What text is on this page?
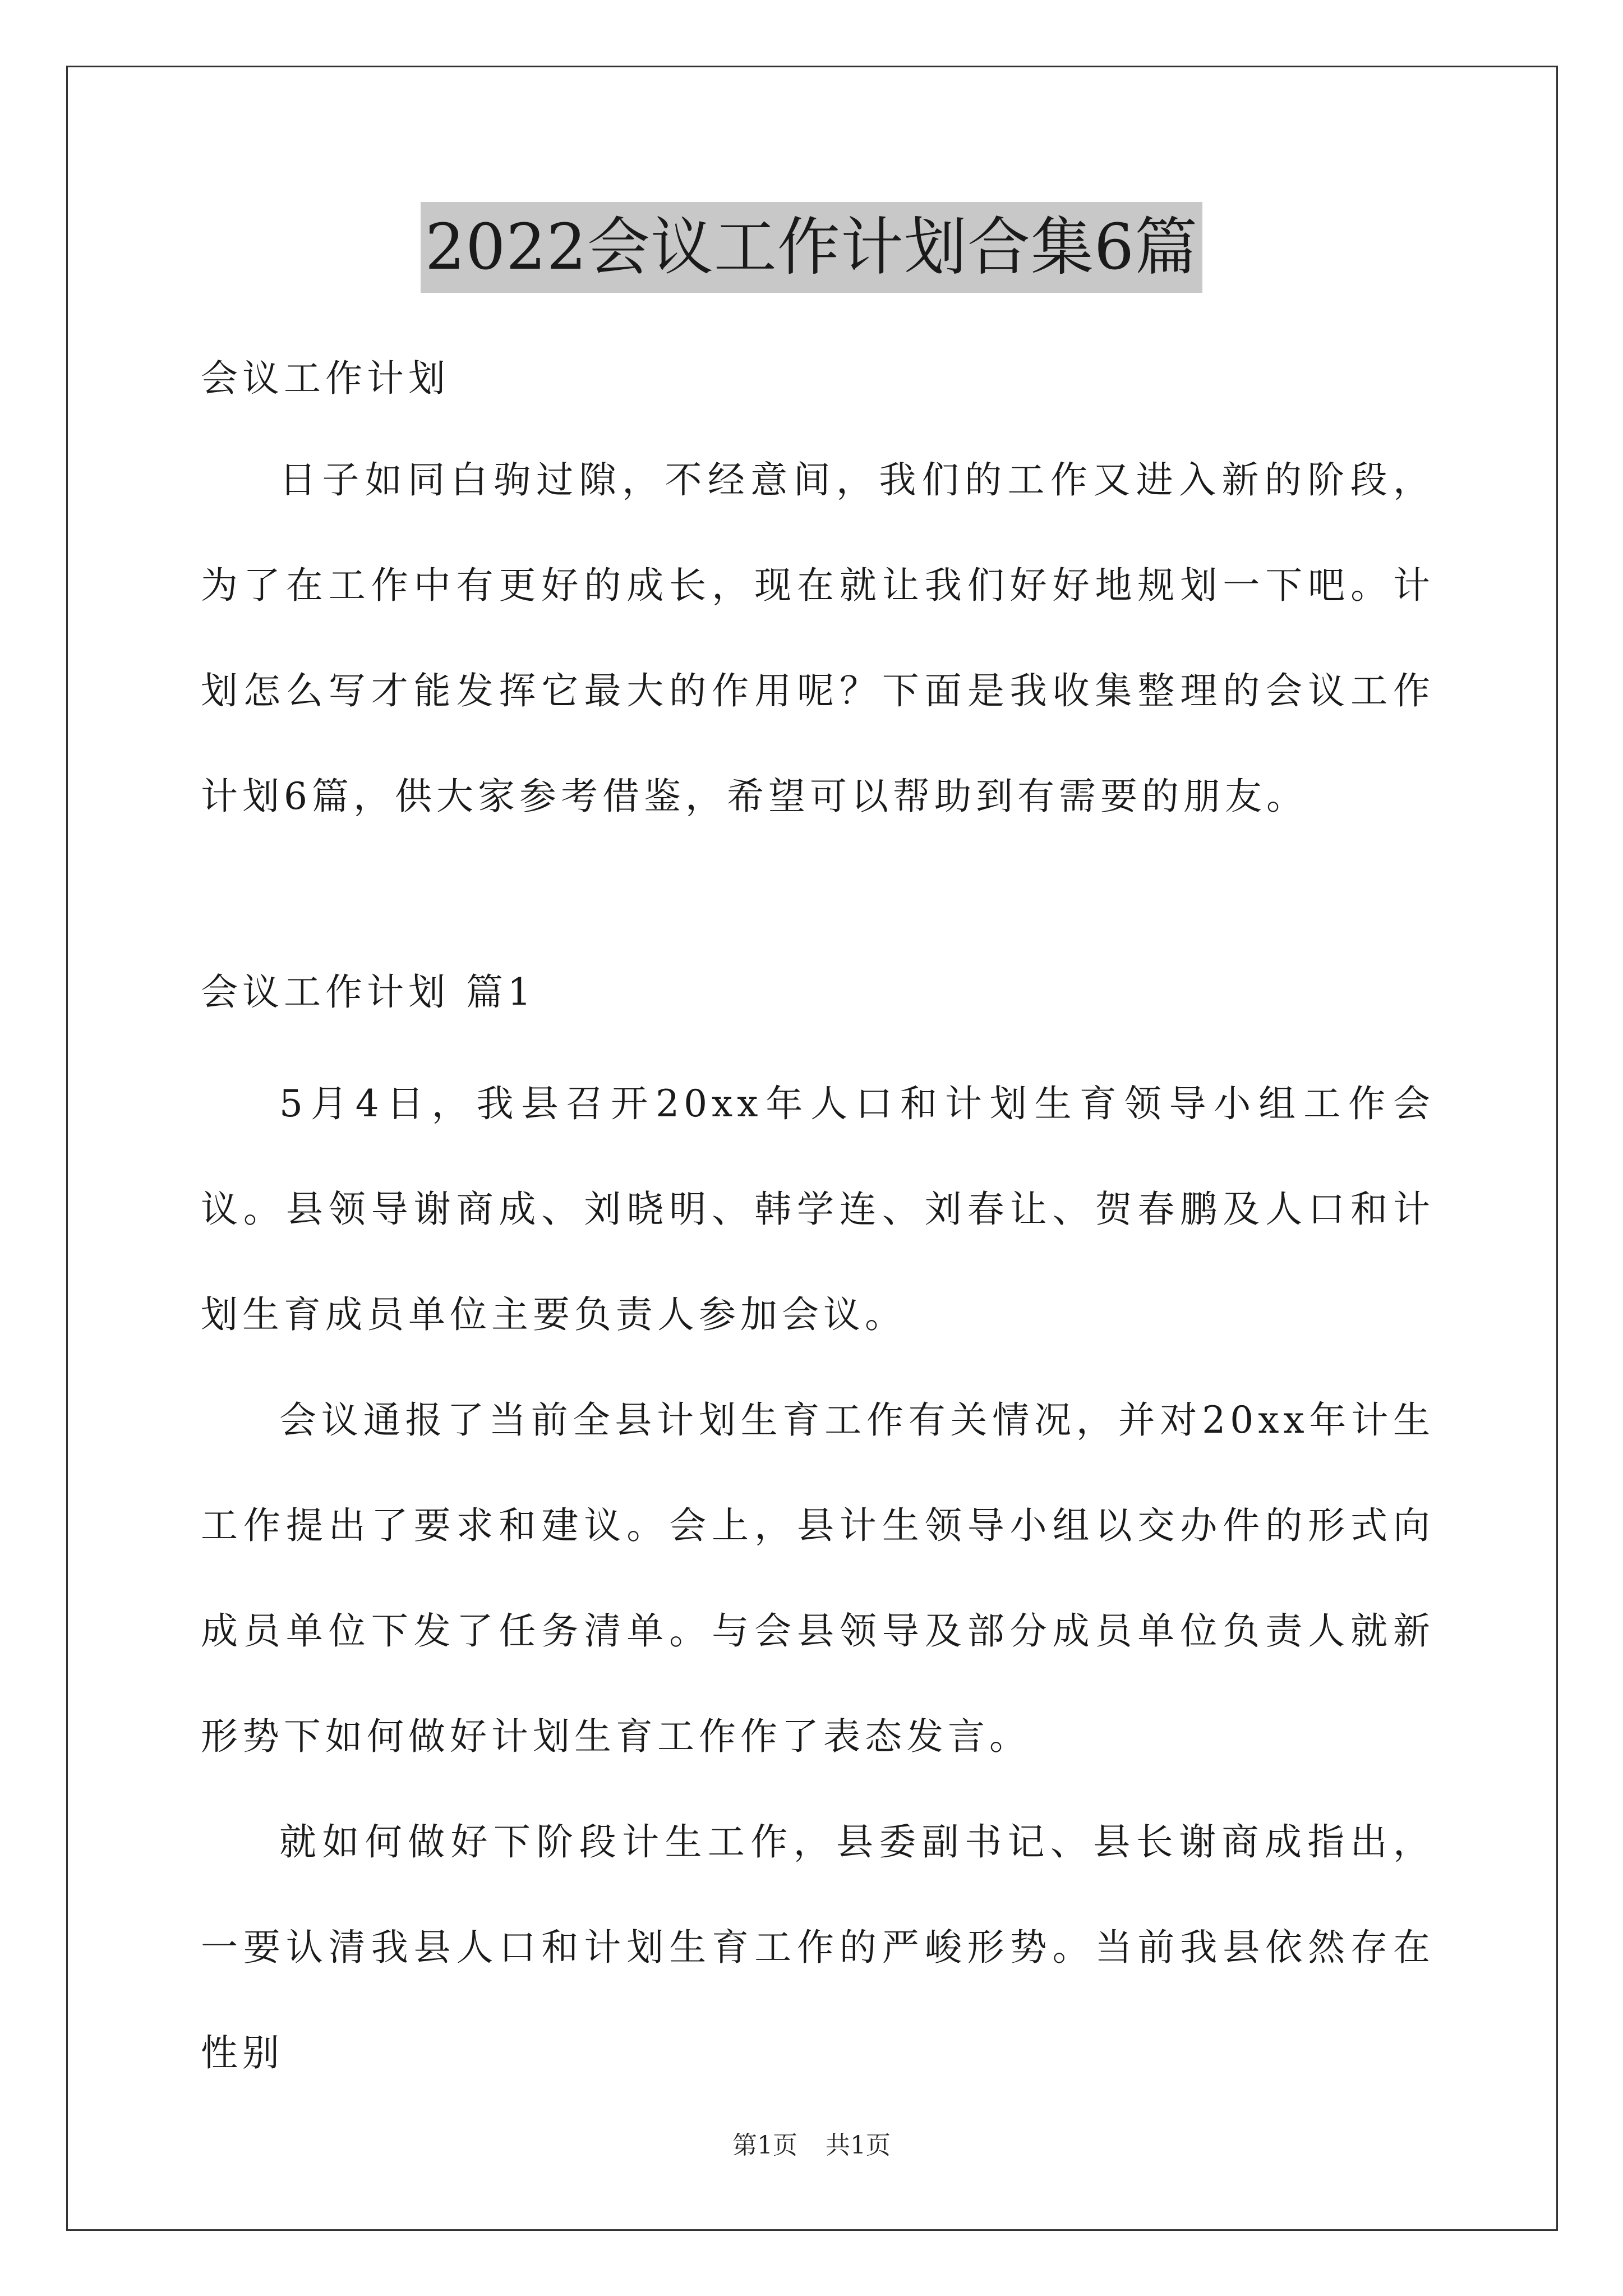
2022会议工作计划合集6篇

会议工作计划

日子如同白驹过隙，不经意间，我们的工作又进入新的阶段，为了在工作中有更好的成长，现在就让我们好好地规划一下吧。计划怎么写才能发挥它最大的作用呢？下面是我收集整理的会议工作计划6篇，供大家参考借鉴，希望可以帮助到有需要的朋友。

会议工作计划 篇1

5月4日，我县召开20xx年人口和计划生育领导小组工作会议。县领导谢商成、刘晓明、韩学连、刘春让、贺春鹏及人口和计划生育成员单位主要负责人参加会议。

会议通报了当前全县计划生育工作有关情况，并对20xx年计生工作提出了要求和建议。会上，县计生领导小组以交办件的形式向成员单位下发了任务清单。与会县领导及部分成员单位负责人就新形势下如何做好计划生育工作作了表态发言。

就如何做好下阶段计生工作，县委副书记、县长谢商成指出，一要认清我县人口和计划生育工作的严峻形势。当前我县依然存在性别

第1页 共1页
